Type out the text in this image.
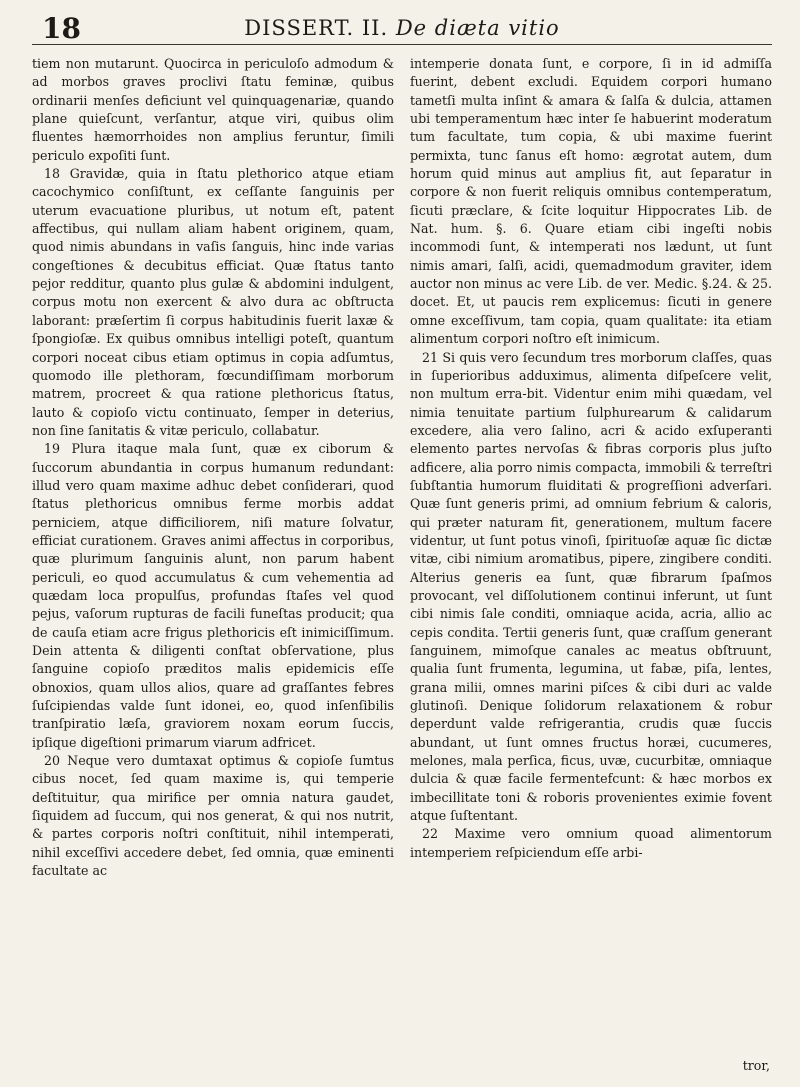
18	DISSERT. II. De diæta vitio

tiem non mutarunt. Quocirca in periculoſo admodum & ad morbos graves proclivi ſtatu feminæ, quibus ordinarii menſes deficiunt vel quinquagenariæ, quando plane quieſcunt, verſantur, atque viri, quibus olim fluentes hæmorrhoides non amplius feruntur, ſimili periculo expoſiti ſunt.

18 Gravidæ, quia in ſtatu plethorico atque etiam cacochymico conſiſtunt, ex ceſſante ſanguinis per uterum evacuatione pluribus, ut notum eſt, patent affectibus, qui nullam aliam habent originem, quam, quod nimis abundans in vaſis ſanguis, hinc inde varias congeſtiones & decubitus efficiat. Quæ ſtatus tanto pejor redditur, quanto plus gulæ & abdomini indulgent, corpus motu non exercent & alvo dura ac obſtructa laborant: præſertim ſi corpus habitudinis fuerit laxæ & ſpongioſæ. Ex quibus omnibus intelligi poteſt, quantum corpori noceat cibus etiam optimus in copia adſumtus, quomodo ille plethoram, fœcundiſſimam morborum matrem, procreet & qua ratione plethoricus ſtatus, lauto & copioſo victu continuato, ſemper in deterius, non ſine ſanitatis & vitæ periculo, collabatur.

19 Plura itaque mala ſunt, quæ ex ciborum & ſuccorum abundantia in corpus humanum redundant: illud vero quam maxime adhuc debet conſiderari, quod ſtatus plethoricus omnibus ferme morbis addat perniciem, atque difficiliorem, niſi mature ſolvatur, efficiat curationem. Graves animi affectus in corporibus, quæ plurimum ſanguinis alunt, non parum habent periculi, eo quod accumulatus & cum vehementia ad quædam loca propulſus, profundas ſtaſes vel quod pejus, vaſorum rupturas de facili funeſtas producit; qua de cauſa etiam acre frigus plethoricis eſt inimiciſſimum. Dein attenta & diligenti conſtat obſervatione, plus ſanguine copioſo præditos malis epidemicis eſſe obnoxios, quam ullos alios, quare ad graſſantes febres ſuſcipiendas valde ſunt idonei, eo, quod inſenſibilis tranſpiratio læſa, graviorem noxam eorum ſuccis, ipſique digeſtioni primarum viarum adfricet.

20 Neque vero dumtaxat optimus & copioſe ſumtus cibus nocet, ſed quam maxime is, qui temperie deſtituitur, qua mirifice per omnia natura gaudet, ſiquidem ad ſuccum, qui nos generat, & qui nos nutrit, & partes corporis noſtri conſtituit, nihil intemperati, nihil exceſſivi accedere debet, ſed omnia, quæ eminenti facultate ac

intemperie donata ſunt, e corpore, ſi in id admiſſa fuerint, debent excludi. Equidem corpori humano tametſi multa inſint & amara & ſalſa & dulcia, attamen ubi temperamentum hæc inter ſe habuerint moderatum tum facultate, tum copia, & ubi maxime fuerint permixta, tunc ſanus eſt homo: ægrotat autem, dum horum quid minus aut amplius fit, aut ſeparatur in corpore & non fuerit reliquis omnibus contemperatum, ſicuti præclare, & ſcite loquitur Hippocrates Lib. de Nat. hum. §. 6. Quare etiam cibi ingeſti nobis incommodi ſunt, & intemperati nos lædunt, ut ſunt nimis amari, ſalſi, acidi, quemadmodum graviter, idem auctor non minus ac vere Lib. de ver. Medic. §.24. & 25. docet. Et, ut paucis rem explicemus: ſicuti in genere omne exceſſivum, tam copia, quam qualitate: ita etiam alimentum corpori noſtro eſt inimicum.

21 Si quis vero ſecundum tres morborum claſſes, quas in ſuperioribus adduximus, alimenta diſpeſcere velit, non multum erra-bit. Videntur enim mihi quædam, vel nimia tenuitate partium ſulphurearum & calidarum excedere, alia vero ſalino, acri & acido exſuperanti elemento partes nervoſas & fibras corporis plus juſto adficere, alia porro nimis compacta, immobili & terreſtri ſubſtantia humorum fluiditati & progreſſioni adverſari. Quæ ſunt generis primi, ad omnium febrium & caloris, qui præter naturam fit, generationem, multum facere videntur, ut ſunt potus vinoſi, ſpirituoſæ aquæ ſic dictæ vitæ, cibi nimium aromatibus, pipere, zingibere conditi. Alterius generis ea ſunt, quæ fibrarum ſpaſmos provocant, vel diſſolutionem continui inferunt, ut ſunt cibi nimis ſale conditi, omniaque acida, acria, allio ac cepis condita. Tertii generis ſunt, quæ craſſum generant ſanguinem, mimoſque canales ac meatus obſtruunt, qualia ſunt frumenta, legumina, ut fabæ, piſa, lentes, grana milii, omnes marini piſces & cibi duri ac valde glutinoſi. Denique ſolidorum relaxationem & robur deperdunt valde refrigerantia, crudis quæ ſuccis abundant, ut ſunt omnes fructus horæi, cucumeres, melones, mala perſica, ficus, uvæ, cucurbitæ, omniaque dulcia & quæ facile fermentefcunt: & hæc morbos ex imbecillitate toni & roboris provenientes eximie fovent atque ſuſtentant.

22 Maxime vero omnium quoad alimentorum intemperiem reſpiciendum eſſe arbi-

tror,
